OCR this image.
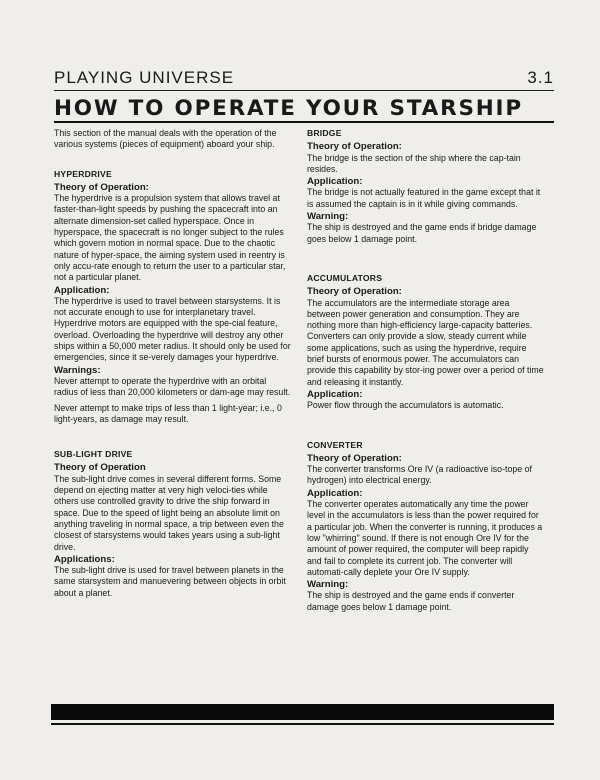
PLAYING UNIVERSE	3.1
HOW TO OPERATE YOUR STARSHIP

This section of the manual deals with the operation of the various systems (pieces of equipment) aboard your ship.

HYPERDRIVE

Theory of Operation:

The hyperdrive is a propulsion system that allows travel at faster-than-light speeds by pushing the spacecraft into an alternate dimension-set called hyperspace. Once in hyperspace, the spacecraft is no longer subject to the rules which govern motion in normal space. Due to the chaotic nature of hyper-space, the aiming system used in reentry is only accu-rate enough to return the user to a particular star, not a particular planet.

Application:

The hyperdrive is used to travel between starsystems. It is not accurate enough to use for interplanetary travel. Hyperdrive motors are equipped with the spe-cial feature, overload. Overloading the hyperdrive will destroy any other ships within a 50,000 meter radius. It should only be used for emergencies, since it se-verely damages your hyperdrive.

Warnings:

Never attempt to operate the hyperdrive with an orbital radius of less than 20,000 kilometers or dam-age may result.

Never attempt to make trips of less than 1 light-year; i.e., 0 light-years, as damage may result.

SUB-LIGHT DRIVE

Theory of Operation

The sub-light drive comes in several different forms. Some depend on ejecting matter at very high veloci-ties while others use controlled gravity to drive the ship forward in space. Due to the speed of light being an absolute limit on anything traveling in normal space, a trip between even the closest of starsystems would takes years using a sub-light drive.

Applications:

The sub-light drive is used for travel between planets in the same starsystem and manuevering between objects in orbit about a planet.

BRIDGE

Theory of Operation:

The bridge is the section of the ship where the cap-tain resides.

Application:

The bridge is not actually featured in the game except that it is assumed the captain is in it while giving commands.

Warning:

The ship is destroyed and the game ends if bridge damage goes below 1 damage point.

ACCUMULATORS

Theory of Operation:

The accumulators are the intermediate storage area between power generation and consumption. They are nothing more than high-efficiency large-capacity batteries. Converters can only provide a slow, steady current while some applications, such as using the hyperdrive, require brief bursts of enormous power. The accumulators can provide this capability by stor-ing power over a period of time and releasing it instantly.

Application:

Power flow through the accumulators is automatic.

CONVERTER

Theory of Operation:

The converter transforms Ore IV (a radioactive iso-tope of hydrogen) into electrical energy.

Application:

The converter operates automatically any time the power level in the accumulators is less than the power required for a particular job. When the converter is running, it produces a low "whirring" sound. If there is not enough Ore IV for the amount of power required, the computer will beep rapidly and fail to complete its current job. The converter will automati-cally deplete your Ore IV supply.

Warning:

The ship is destroyed and the game ends if converter damage goes below 1 damage point.
